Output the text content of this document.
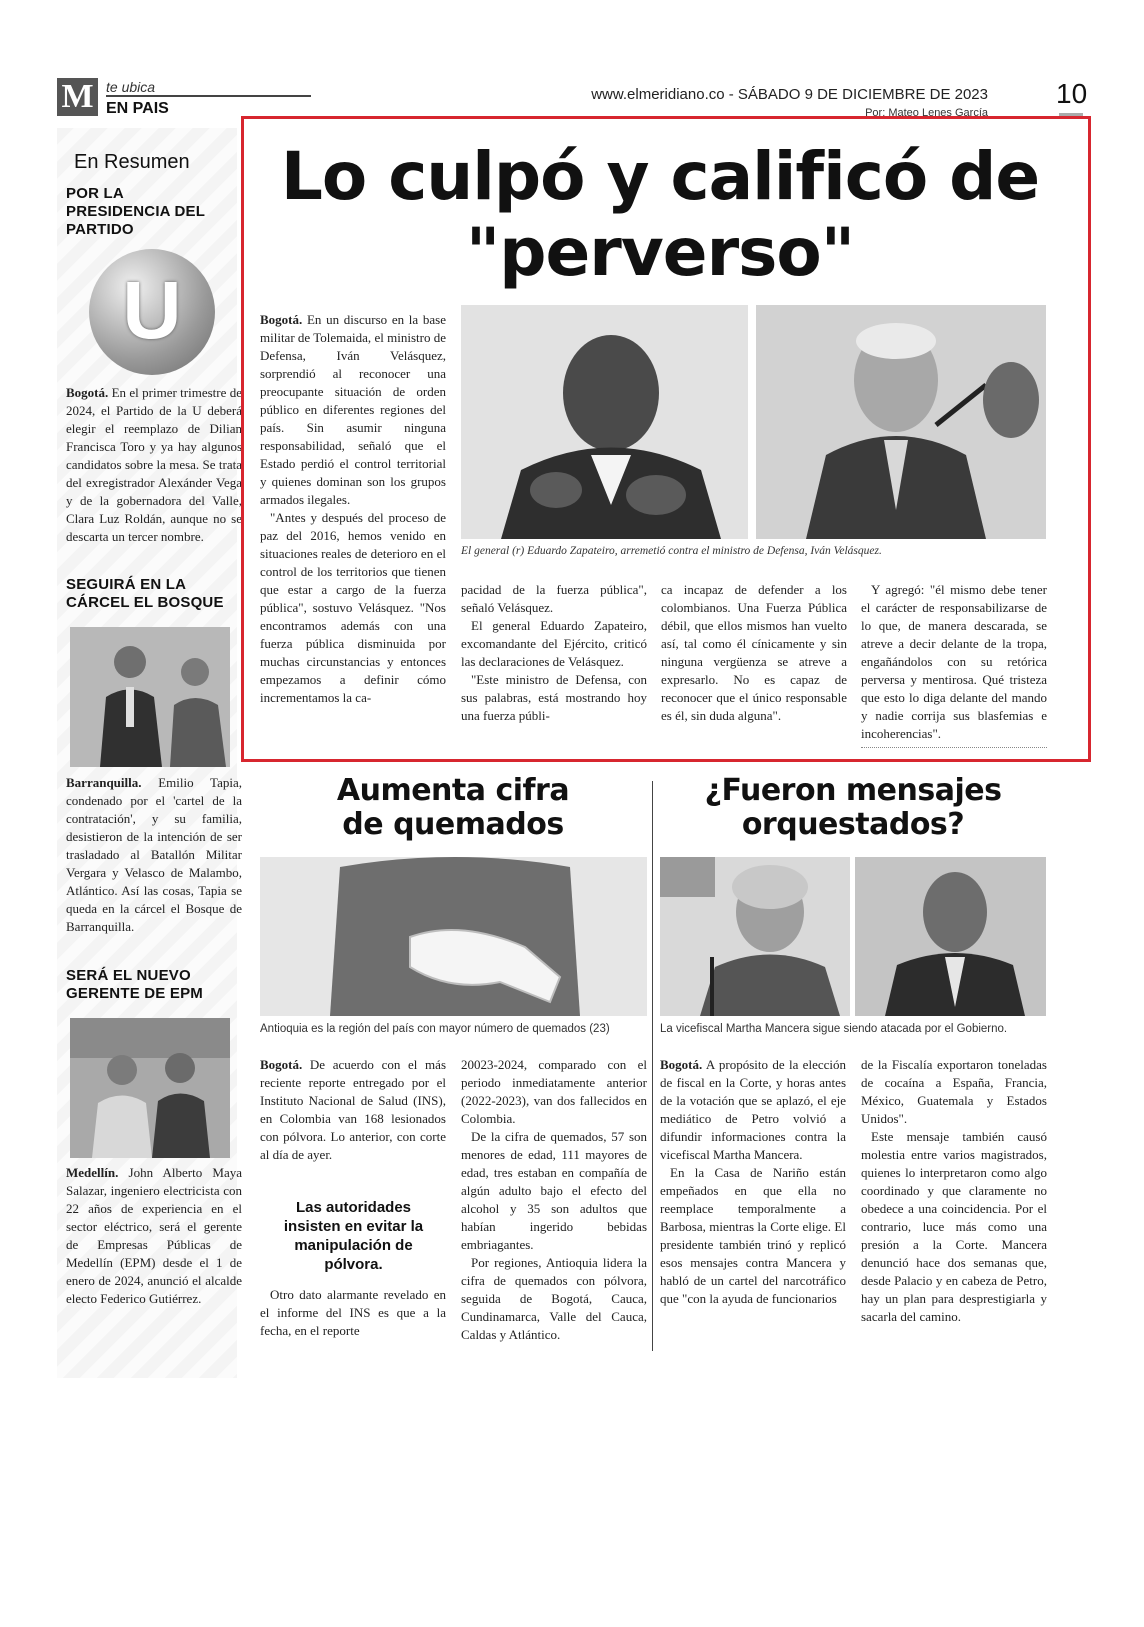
M te ubica
EN PAIS
www.elmeridiano.co - SÁBADO 9 DE DICIEMBRE DE 2023
Por: Mateo Lenes García
10
En Resumen
POR LA PRESIDENCIA DEL PARTIDO
U
Bogotá. En el primer trimestre de 2024, el Partido de la U deberá elegir el reemplazo de Dilian Francisca Toro y ya hay algunos candidatos sobre la mesa. Se trata del exregistrador Alexánder Vega y de la gobernadora del Valle, Clara Luz Roldán, aunque no se descarta un tercer nombre.
SEGUIRÁ EN LA CÁRCEL EL BOSQUE
Barranquilla. Emilio Tapia, condenado por el 'cartel de la contratación', y su familia, desistieron de la intención de ser trasladado al Batallón Militar Vergara y Velasco de Malambo, Atlántico. Así las cosas, Tapia se queda en la cárcel el Bosque de Barranquilla.
SERÁ EL NUEVO GERENTE DE EPM
Medellín. John Alberto Maya Salazar, ingeniero electricista con 22 años de experiencia en el sector eléctrico, será el gerente de Empresas Públicas de Medellín (EPM) desde el 1 de enero de 2024, anunció el alcalde electo Federico Gutiérrez.
Lo culpó y calificó de "perverso"

Bogotá. En un discurso en la base militar de Tolemaida, el ministro de Defensa, Iván Velásquez, sorprendió al reconocer una preocupante situación de orden público en diferentes regiones del país. Sin asumir ninguna responsabilidad, señaló que el Estado perdió el control territorial y quienes dominan son los grupos armados ilegales.

"Antes y después del proceso de paz del 2016, hemos venido en situaciones reales de deterioro en el control de los territorios que tienen que estar a cargo de la fuerza pública", sostuvo Velásquez. "Nos encontramos además con una fuerza pública disminuida por muchas circunstancias y entonces empezamos a definir cómo incrementamos la ca-

El general (r) Eduardo Zapateiro, arremetió contra el ministro de Defensa, Iván Velásquez.

pacidad de la fuerza pública", señaló Velásquez.

El general Eduardo Zapateiro, excomandante del Ejército, criticó las declaraciones de Velásquez.

"Este ministro de Defensa, con sus palabras, está mostrando hoy una fuerza públi-

ca incapaz de defender a los colombianos. Una Fuerza Pública débil, que ellos mismos han vuelto así, tal como él cínicamente y sin ninguna vergüenza se atreve a expresarlo. No es capaz de reconocer que el único responsable es él, sin duda alguna".

Y agregó: "él mismo debe tener el carácter de responsabilizarse de lo que, de manera descarada, se atreve a decir delante de la tropa, engañándolos con su retórica perversa y mentirosa. Qué tristeza que esto lo diga delante del mando y nadie corrija sus blasfemias e incoherencias".

Aumenta cifra
de quemados
Antioquia es la región del país con mayor número de quemados (23)

Bogotá. De acuerdo con el más reciente reporte entregado por el Instituto Nacional de Salud (INS), en Colombia van 168 lesionados con pólvora. Lo anterior, con corte al día de ayer.

Las autoridades insisten en evitar la manipulación de pólvora.

Otro dato alarmante revelado en el informe del INS es que a la fecha, en el reporte

20023-2024, comparado con el periodo inmediatamente anterior (2022-2023), van dos fallecidos en Colombia.

De la cifra de quemados, 57 son menores de edad, 111 mayores de edad, tres estaban en compañía de algún adulto bajo el efecto del alcohol y 35 son adultos que habían ingerido bebidas embriagantes.

Por regiones, Antioquia lidera la cifra de quemados con pólvora, seguida de Bogotá, Cauca, Cundinamarca, Valle del Cauca, Caldas y Atlántico.

¿Fueron mensajes
orquestados?
La vicefiscal Martha Mancera sigue siendo atacada por el Gobierno.

Bogotá. A propósito de la elección de fiscal en la Corte, y horas antes de la votación que se aplazó, el eje mediático de Petro volvió a difundir informaciones contra la vicefiscal Martha Mancera.

En la Casa de Nariño están empeñados en que ella no reemplace temporalmente a Barbosa, mientras la Corte elige. El presidente también trinó y replicó esos mensajes contra Mancera y habló de un cartel del narcotráfico que "con la ayuda de funcionarios

de la Fiscalía exportaron toneladas de cocaína a España, Francia, México, Guatemala y Estados Unidos".

Este mensaje también causó molestia entre varios magistrados, quienes lo interpretaron como algo coordinado y que claramente no obedece a una coincidencia. Por el contrario, luce más como una presión a la Corte. Mancera denunció hace dos semanas que, desde Palacio y en cabeza de Petro, hay un plan para desprestigiarla y sacarla del camino.
